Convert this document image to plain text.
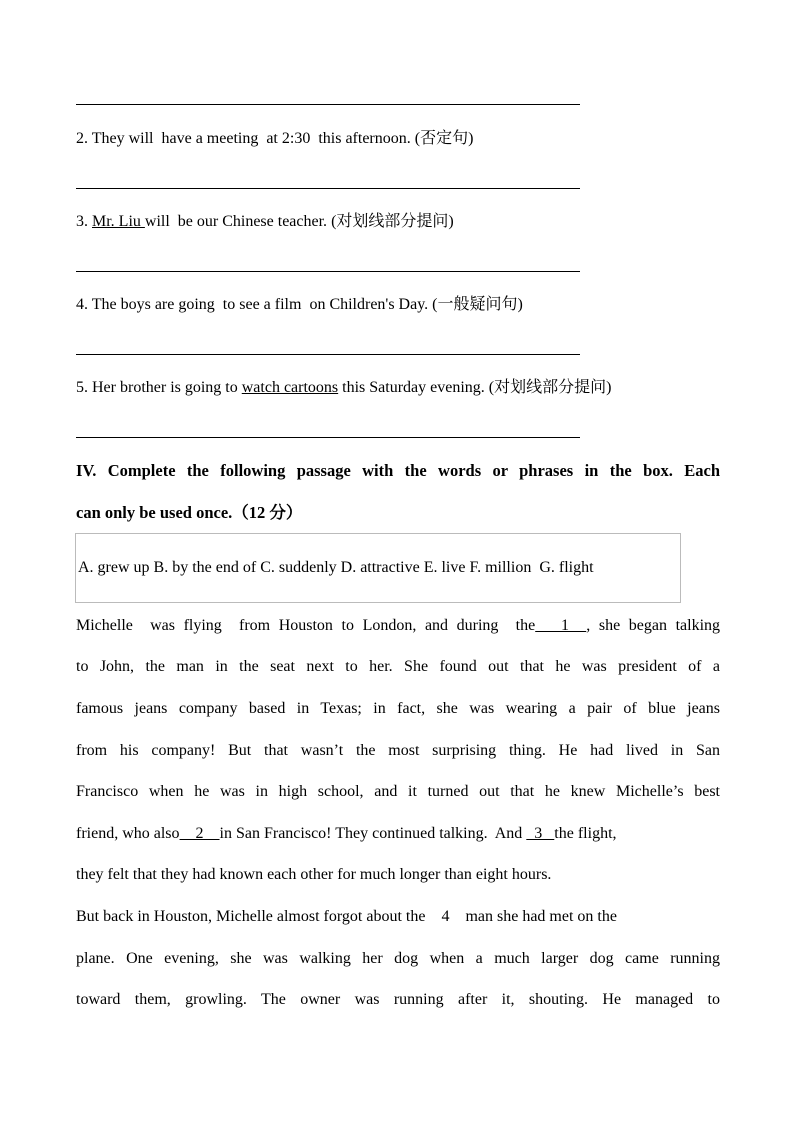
2. They will  have a meeting  at 2:30  this afternoon. (否定句)
3. Mr. Liu will  be our Chinese teacher. (对划线部分提问)
4. The boys are going  to see a film  on Children's Day. (一般疑问句)
5. Her brother is going to watch cartoons this Saturday evening. (对划线部分提问)
IV. Complete the following passage with the words or phrases in the box. Each
can only be used once.（12 分）
A. grew up B. by the end of C. suddenly D. attractive E. live F. million  G. flight
Michelle  was flying  from Houston to London, and during  the   1  , she began talking
to John, the man in the seat next to her. She found out that he was president of a
famous jeans company based in Texas; in fact, she was wearing a pair of blue jeans
from his company! But that wasn’t the most surprising thing. He had lived in San
Francisco when he was in high school, and it turned out that he knew Michelle’s best
friend, who also    2    in San Francisco! They continued talking.  And   3   the flight,
they felt that they had known each other for much longer than eight hours.
But back in Houston, Michelle almost forgot about the    4    man she had met on the
plane. One evening, she was walking her dog when a much larger dog came running
toward them, growling. The owner was running after it, shouting. He managed to
